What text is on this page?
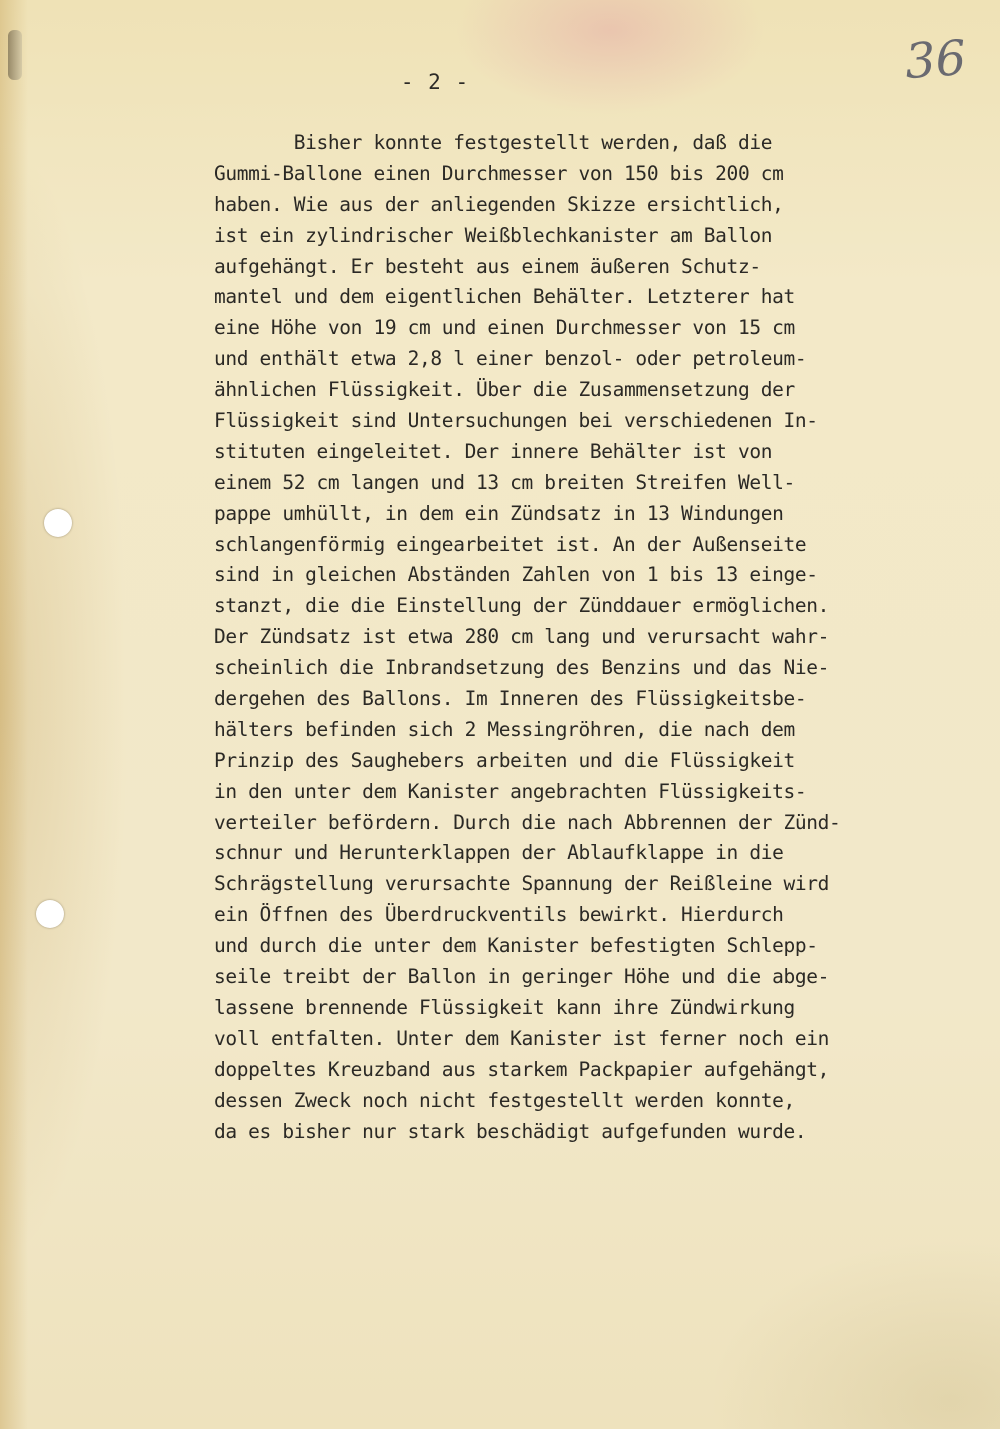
- 2 -	36
Bisher konnte festgestellt werden, daß die
Gummi-Ballone einen Durchmesser von 150 bis 200 cm
haben. Wie aus der anliegenden Skizze ersichtlich,
ist ein zylindrischer Weißblechkanister am Ballon
aufgehängt. Er besteht aus einem äußeren Schutz-
mantel und dem eigentlichen Behälter. Letzterer hat
eine Höhe von 19 cm und einen Durchmesser von 15 cm
und enthält etwa 2,8 l einer benzol- oder petroleum-
ähnlichen Flüssigkeit. Über die Zusammensetzung der
Flüssigkeit sind Untersuchungen bei verschiedenen In-
stituten eingeleitet. Der innere Behälter ist von
einem 52 cm langen und 13 cm breiten Streifen Well-
pappe umhüllt, in dem ein Zündsatz in 13 Windungen
schlangenförmig eingearbeitet ist. An der Außenseite
sind in gleichen Abständen Zahlen von 1 bis 13 einge-
stanzt, die die Einstellung der Zünddauer ermöglichen.
Der Zündsatz ist etwa 280 cm lang und verursacht wahr-
scheinlich die Inbrandsetzung des Benzins und das Nie-
dergehen des Ballons. Im Inneren des Flüssigkeitsbe-
hälters befinden sich 2 Messingröhren, die nach dem
Prinzip des Saughebers arbeiten und die Flüssigkeit
in den unter dem Kanister angebrachten Flüssigkeits-
verteiler befördern. Durch die nach Abbrennen der Zünd-
schnur und Herunterklappen der Ablaufklappe in die
Schrägstellung verursachte Spannung der Reißleine wird
ein Öffnen des Überdruckventils bewirkt. Hierdurch
und durch die unter dem Kanister befestigten Schlepp-
seile treibt der Ballon in geringer Höhe und die abge-
lassene brennende Flüssigkeit kann ihre Zündwirkung
voll entfalten. Unter dem Kanister ist ferner noch ein
doppeltes Kreuzband aus starkem Packpapier aufgehängt,
dessen Zweck noch nicht festgestellt werden konnte,
da es bisher nur stark beschädigt aufgefunden wurde.
